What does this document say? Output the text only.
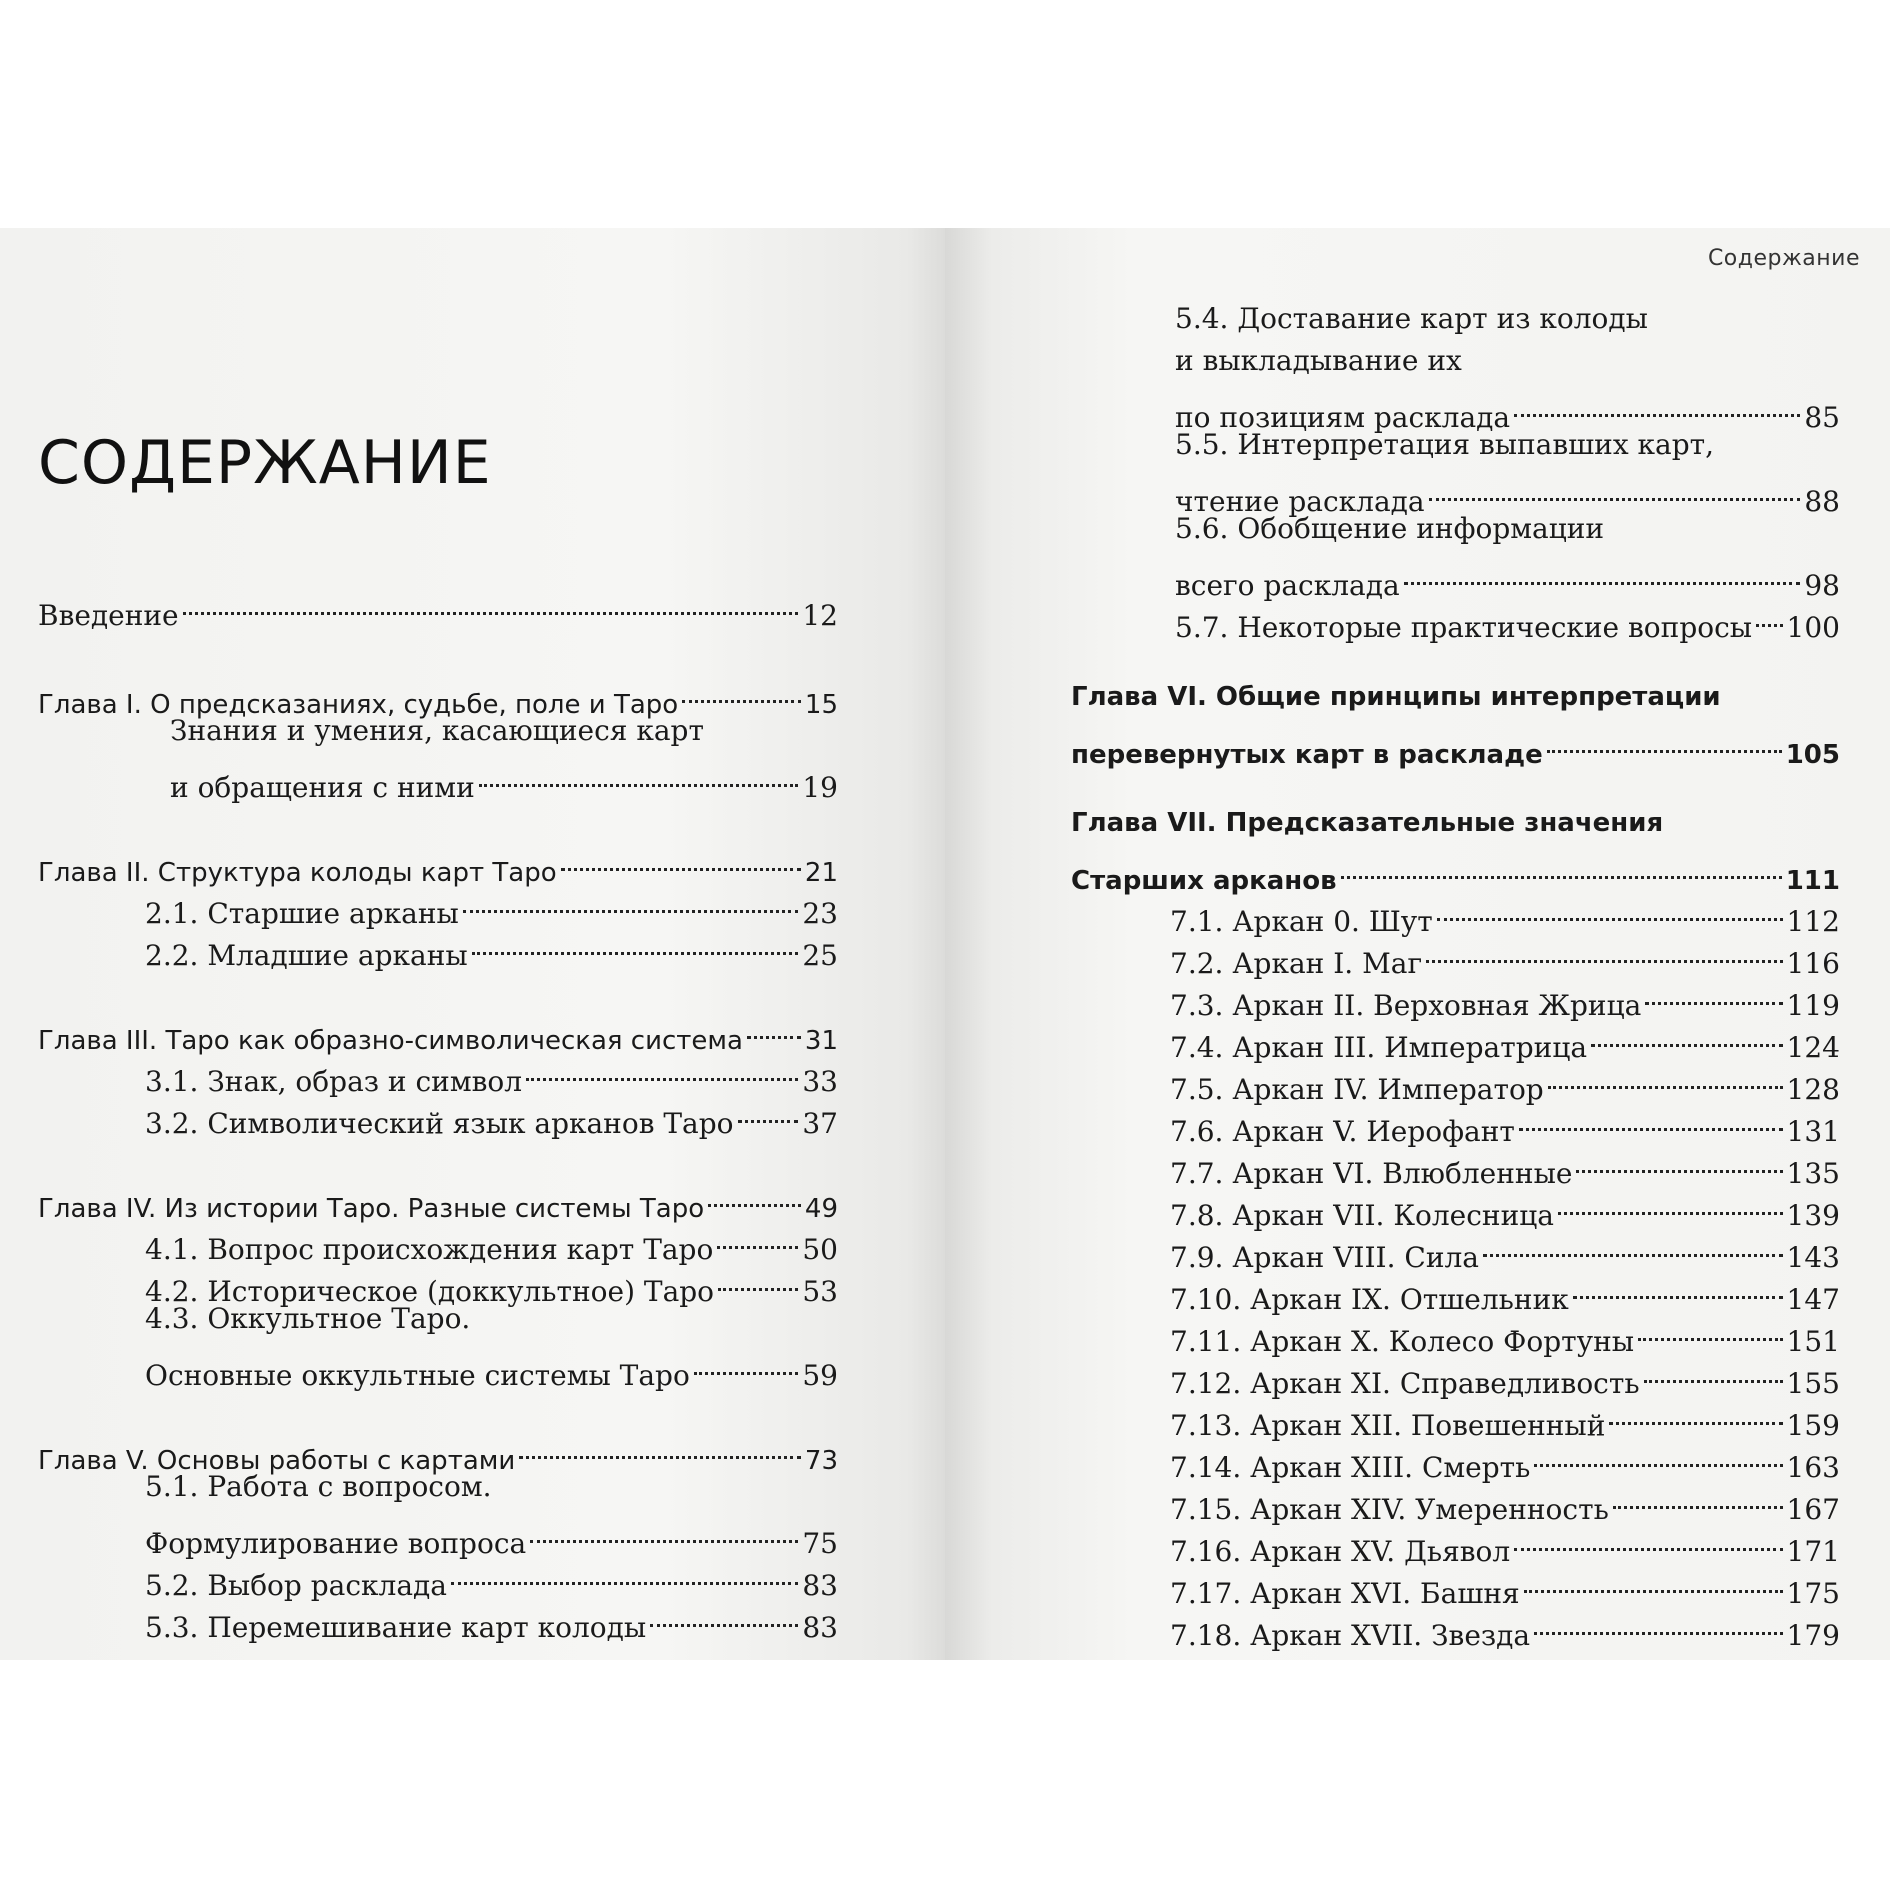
СОДЕРЖАНИЕ
Введение	12
Глава I. О предсказаниях, судьбе, поле и Таро	15
Знания и умения, касающиеся карт
и обращения с ними	19
Глава II. Структура колоды карт Таро	21
2.1. Старшие арканы	23
2.2. Младшие арканы	25
Глава III. Таро как образно-символическая система 31
3.1. Знак, образ и символ	33
3.2. Символический язык арканов Таро 37
Глава IV. Из истории Таро. Разные системы Таро	49
4.1. Вопрос происхождения карт Таро	50
4.2. Историческое (доккультное) Таро	53
4.3. Оккультное Таро.
Основные оккультные системы Таро	59
Глава V. Основы работы с картами	73
5.1. Работа с вопросом.
Формулирование вопроса	75
5.2. Выбор расклада	83
5.3. Перемешивание карт колоды	83
Содержание
5.4. Доставание карт из колоды
и выкладывание их
по позициям расклада	85
5.5. Интерпретация выпавших карт,
чтение расклада	88
5.6. Обобщение информации
всего расклада	98
5.7. Некоторые практические вопросы 100
Глава VI. Общие принципы интерпретации
перевернутых карт в раскладе	105
Глава VII. Предсказательные значения
Старших арканов	111
7.1. Аркан 0. Шут	112
7.2. Аркан I. Маг	116
7.3. Аркан II. Верховная Жрица	119
7.4. Аркан III. Императрица	124
7.5. Аркан IV. Император	128
7.6. Аркан V. Иерофант	131
7.7. Аркан VI. Влюбленные	135
7.8. Аркан VII. Колесница	139
7.9. Аркан VIII. Сила	143
7.10. Аркан IX. Отшельник	147
7.11. Аркан X. Колесо Фортуны	151
7.12. Аркан XI. Справедливость	155
7.13. Аркан XII. Повешенный	159
7.14. Аркан XIII. Смерть	163
7.15. Аркан XIV. Умеренность	167
7.16. Аркан XV. Дьявол	171
7.17. Аркан XVI. Башня	175
7.18. Аркан XVII. Звезда	179
